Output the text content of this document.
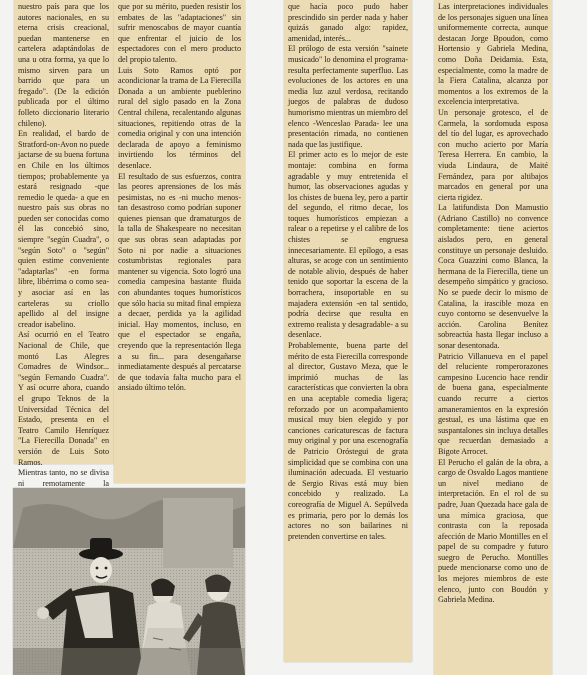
nuestro país para que los autores nacionales, en su eterna crisis creacional, puedan mantenerse en cartelera adaptándolas de una u otra forma, ya que lo mismo sirven para un barrido que para un fregado". (De la edición publicada por el último folleto diccionario literario chileno).
En realidad, el bardo de Stratford-on-Avon no puede jactarse de su buena fortuna en Chile en los últimos tiempos; probablemente ya estará resignado -que remedio le queda- a que en nuestro país sus obras no pueden ser conocidas como él las concebió sino, siempre "según Cuadra", o "según Soto" o "según" quien estime conveniente "adaptarlas" -en forma libre, libérrima o como sea- y asociar así en las carteleras su criollo apellido al del insigne creador isabelino.
Así ocurrió en el Teatro Nacional de Chile, que montó Las Alegres Comadres de Windsor... "según Fernando Cuadra". Y así ocurre ahora, cuando el grupo Teknos de la Universidad Técnica del Estado, presenta en el Teatro Camilo Henríquez "La Fierecilla Donada" en versión de Luis Soto Ramos.
Mientras tanto, no se divisa ni remotamente la

que por su mérito, pueden resistir los embates de las "adaptaciones" sin sufrir menoscabos de mayor cuantía que enfrentar el juicio de los espectadores con el mero producto del propio talento.
Luis Soto Ramos optó por acondicionar la trama de La Fierecilla Donada a un ambiente pueblerino rural del siglo pasado en la Zona Central chilena, recalentando algunas situaciones, repitiendo otras de la comedia original y con una intención declarada de apoyo a feminismo invirtiendo los términos del desenlace.
El resultado de sus esfuerzos, contra las peores aprensiones de los más pesimistas, no es -ni mucho menos- tan desastroso como podrían suponer quienes piensan que dramaturgos de la talla de Shakespeare no necesitan que sus obras sean adaptadas por Soto ni por nadie a situaciones costumbristas regionales para mantener su vigencia. Soto logró una comedia campesina bastante fluida con abundantes toques humorísticos que sólo hacia su mitad final empieza a decaer, perdida ya la agilidad inicial. Hay momentos, incluso, en que el espectador se engaña, creyendo que la representación llega a su fin... para desengañarse inmediatamente después al percatarse de que todavía falta mucho para el ansiado último telón.

que hacía poco pudo haber prescindido sin perder nada y haber quizás ganado algo: rapidez, amenidad, interés...
El prólogo de esta versión "sainete musicado" lo denomina el programa- resulta perfectamente superfluo. Las evoluciones de los actores en una media luz azul verdosa, recitando juegos de palabras de dudoso humorismo mientras un miembro del elenco -Wenceslao Parada- lee una presentación rimada, no contienen nada que las justifique.
El primer acto es lo mejor de este montaje: combina en forma agradable y muy entretenida el humor, las observaciones agudas y los chistes de buena ley, pero a partir del segundo, el ritmo decae, los toques humorísticos empiezan a ralear o a repetirse y el calibre de los chistes se engruesa innecesariamente. El epílogo, a esas alturas, se acoge con un sentimiento de notable alivio, después de haber tenido que soportar la escena de la borrachera, insoportable en su majadera extensión -en tal sentido, podría decirse que resulta en extremo realista y desagradable- a su desenlace.
Probablemente, buena parte del mérito de esta Fierecilla corresponde al director, Gustavo Meza, que le imprimió muchas de las características que convierten la obra en una aceptable comedia ligera; reforzado por un acompañamiento musical muy bien elegido y por canciones caricaturescas de factura muy original y por una escenografía de Patricio Oróstegui de grata simplicidad que se combina con una iluminación adecuada. El vestuario de Sergio Rivas está muy bien concebido y realizado. La coreografía de Miguel A. Sepúlveda es primaria, pero por lo demás los actores no son bailarines ni pretenden convertirse en tales.

Las interpretaciones individuales de los personajes siguen una línea uniformemente correcta, aunque destacan Jorge Bpoudon, como Hortensio y Gabriela Medina, como Doña Deidamia. Esta, especialmente, como la madre de la Fiera Catalina, alcanza por momentos a los extremos de la excelencia interpretativa.
Un personaje grotesco, el de Carmela, la sordomuda esposa del tío del lugar, es aprovechado con mucho acierto por María Teresa Herrera. En cambio, la viuda Lindaura, de Maité Fernández, para por altibajos marcados en general por una cierta rigidez.
La latifundista Don Mamustio (Adriano Castillo) no convence completamente: tiene aciertos aislados pero, en general constituye un personaje desluido. Coca Guazzini como Blanca, la hermana de la Fierecilla, tiene un desempeño simpático y gracioso. No se puede decir lo mismo de Catalina, la irascible moza en cuyo contorno se desenvuelve la acción. Carolina Benítez sobreactúa hasta llegar incluso a sonar desentonada.
Patricio Villanueva en el papel del reluciente romperorazones campesino Lucencio hace rendir de buena gana, especialmente cuando recurre a ciertos amaneramientos en la expresión gestual, es una lástima que en suspantalones sin incluya detalles que recuerdan demasiado a Bigote Arrocet.
El Perucho el galán de la obra, a cargo de Osvaldo Lagos mantiene un nivel mediano de interpretación. En el rol de su padre, Juan Quezada hace gala de una mímica graciosa, que contrasta con la reposada afección de Mario Montilles en el papel de su compadre y futuro suegro de Perucho. Montilles puede mencionarse como uno de los mejores miembros de este elenco, junto con Boudón y Gabriela Medina.
